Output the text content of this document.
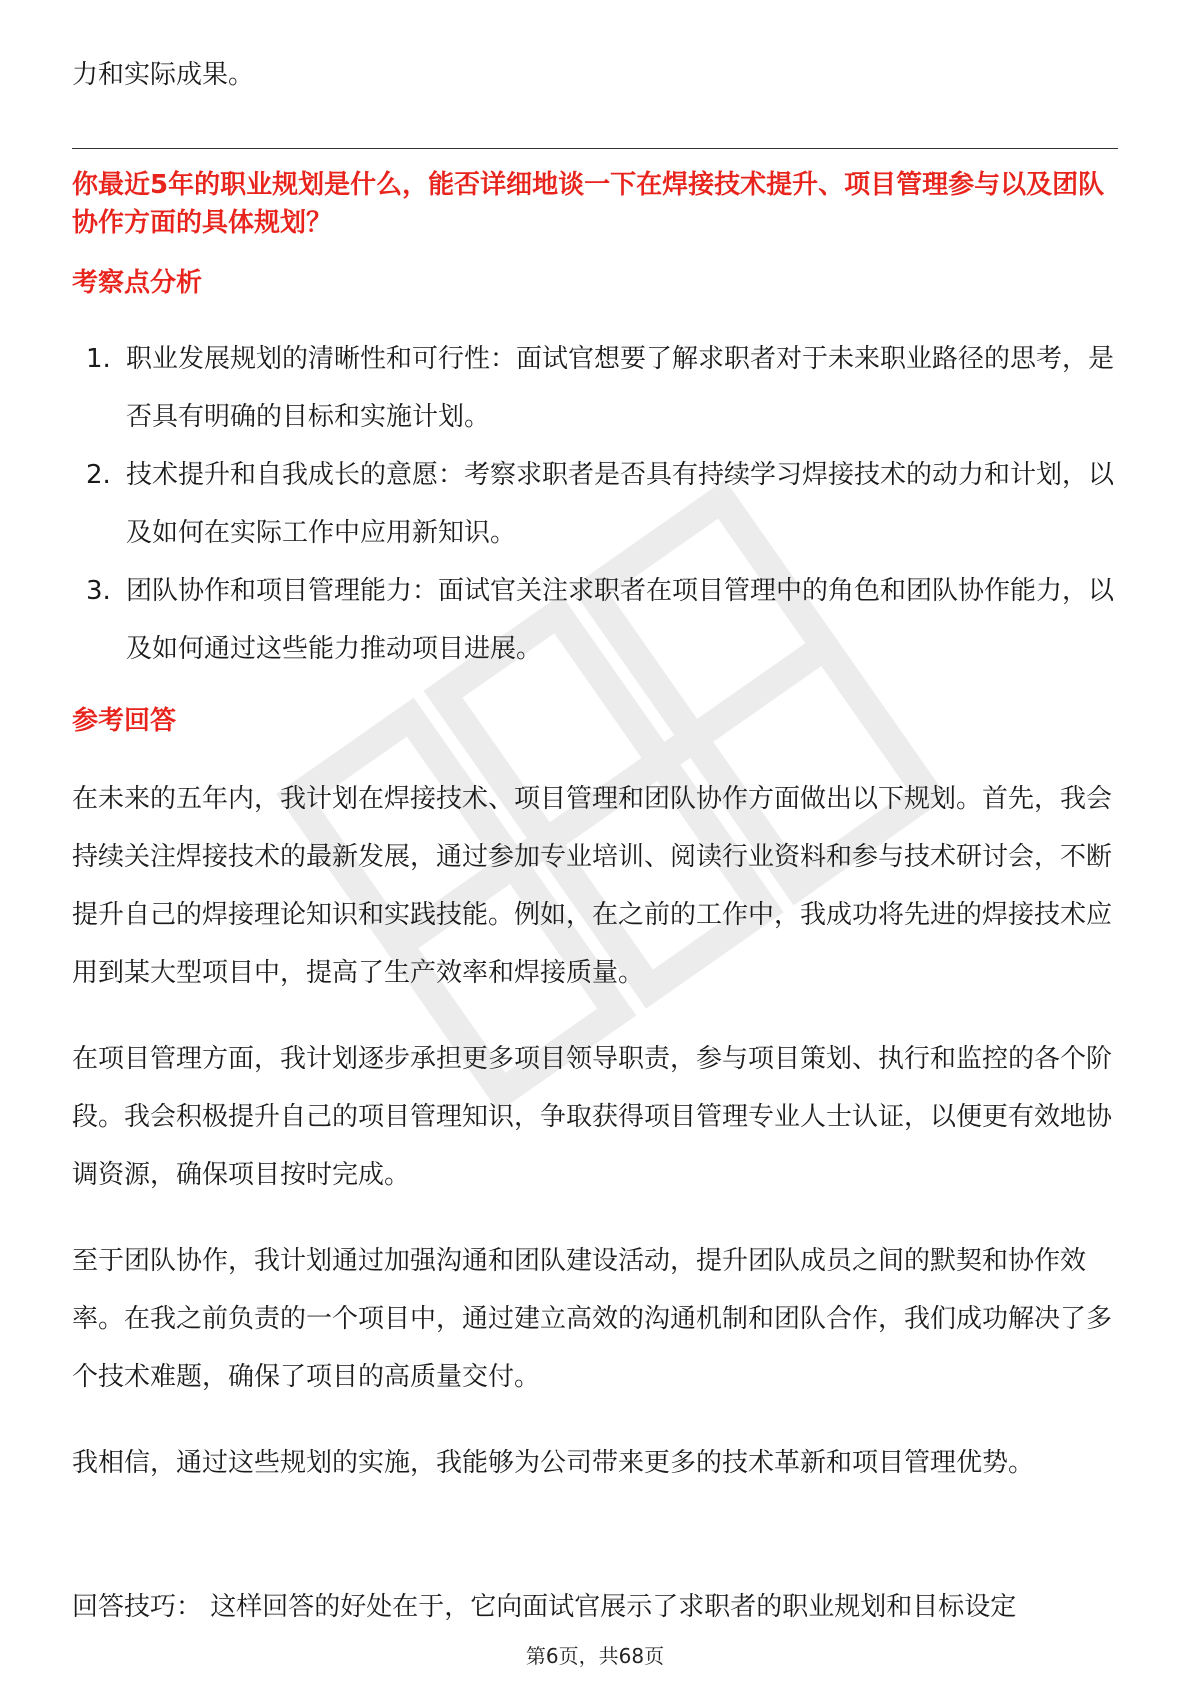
力和实际成果。
你最近5年的职业规划是什么，能否详细地谈一下在焊接技术提升、项目管理参与以及团队协作方面的具体规划？
考察点分析
1. 职业发展规划的清晰性和可行性：面试官想要了解求职者对于未来职业路径的思考，是否具有明确的目标和实施计划。
2. 技术提升和自我成长的意愿：考察求职者是否具有持续学习焊接技术的动力和计划，以及如何在实际工作中应用新知识。
3. 团队协作和项目管理能力：面试官关注求职者在项目管理中的角色和团队协作能力，以及如何通过这些能力推动项目进展。
参考回答

在未来的五年内，我计划在焊接技术、项目管理和团队协作方面做出以下规划。首先，我会持续关注焊接技术的最新发展，通过参加专业培训、阅读行业资料和参与技术研讨会，不断提升自己的焊接理论知识和实践技能。例如，在之前的工作中，我成功将先进的焊接技术应用到某大型项目中，提高了生产效率和焊接质量。

在项目管理方面，我计划逐步承担更多项目领导职责，参与项目策划、执行和监控的各个阶段。我会积极提升自己的项目管理知识，争取获得项目管理专业人士认证，以便更有效地协调资源，确保项目按时完成。

至于团队协作，我计划通过加强沟通和团队建设活动，提升团队成员之间的默契和协作效率。在我之前负责的一个项目中，通过建立高效的沟通机制和团队合作，我们成功解决了多个技术难题，确保了项目的高质量交付。

我相信，通过这些规划的实施，我能够为公司带来更多的技术革新和项目管理优势。

回答技巧： 这样回答的好处在于，它向面试官展示了求职者的职业规划和目标设定

第6页，共68页
